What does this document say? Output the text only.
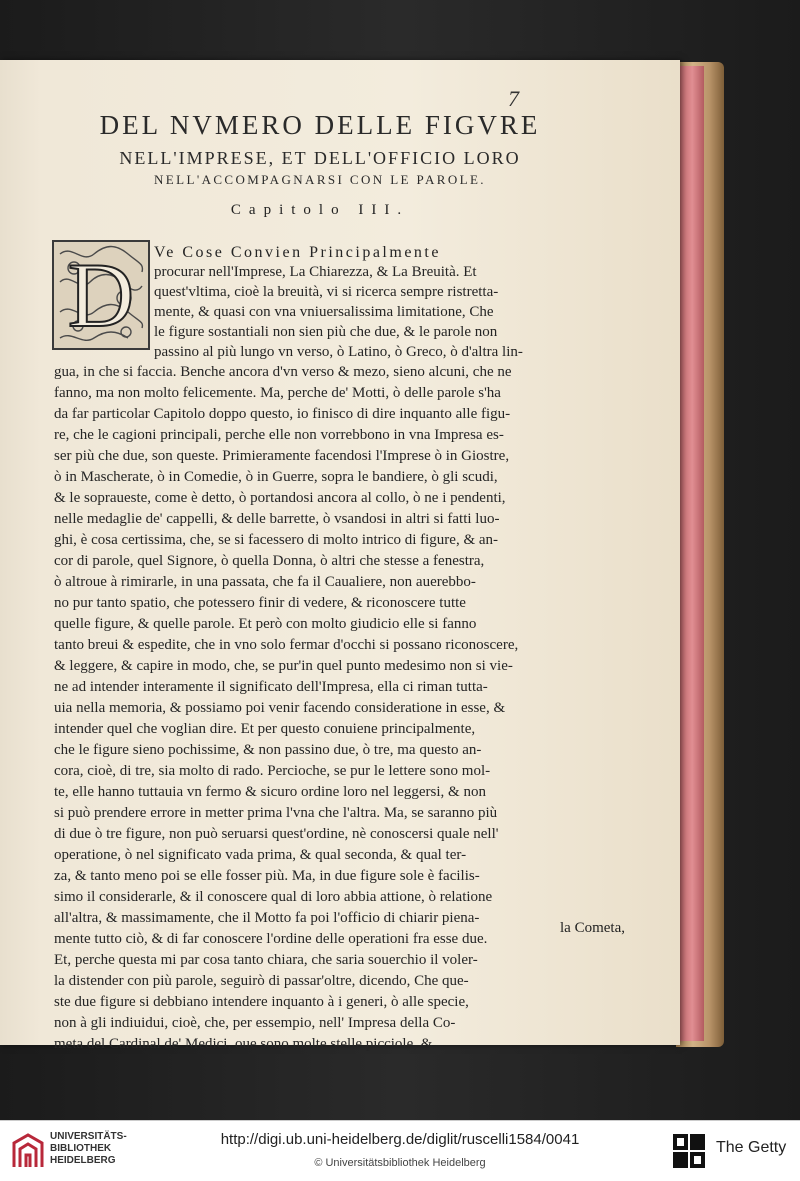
7
DEL NVMERO DELLE FIGVRE
NELL'IMPRESE, ET DELL'OFFICIO LORO
NELL'ACCOMPAGNARSI CON LE PAROLE.
Capitolo III.
D	Ve Cose Convien Principalmente
procurar nell'Imprese, La Chiarezza, & La Breuità. Et
quest'vltima, cioè la breuità, vi si ricerca sempre ristretta-
mente, & quasi con vna vniuersalissima limitatione, Che
le figure sostantiali non sien più che due, & le parole non
passino al più lungo vn verso, ò Latino, ò Greco, ò d'altra lin-
gua, in che si faccia. Benche ancora d'vn verso & mezo, sieno alcuni, che ne
fanno, ma non molto felicemente. Ma, perche de' Motti, ò delle parole s'ha
da far particolar Capitolo doppo questo, io finisco di dire inquanto alle figu-
re, che le cagioni principali, perche elle non vorrebbono in vna Impresa es-
ser più che due, son queste. Primieramente facendosi l'Imprese ò in Giostre,
ò in Mascherate, ò in Comedie, ò in Guerre, sopra le bandiere, ò gli scudi,
& le sopraueste, come è detto, ò portandosi ancora al collo, ò ne i pendenti,
nelle medaglie de' cappelli, & delle barrette, ò vsandosi in altri si fatti luo-
ghi, è cosa certissima, che, se si facessero di molto intrico di figure, & an-
cor di parole, quel Signore, ò quella Donna, ò altri che stesse a fenestra,
ò altroue à rimirarle, in una passata, che fa il Caualiere, non auerebbo-
no pur tanto spatio, che potessero finir di vedere, & riconoscere tutte
quelle figure, & quelle parole. Et però con molto giudicio elle si fanno
tanto breui & espedite, che in vno solo fermar d'occhi si possano riconoscere,
& leggere, & capire in modo, che, se pur'in quel punto medesimo non si vie-
ne ad intender interamente il significato dell'Impresa, ella ci riman tutta-
uia nella memoria, & possiamo poi venir facendo consideratione in esse, &
intender quel che voglian dire. Et per questo conuiene principalmente,
che le figure sieno pochissime, & non passino due, ò tre, ma questo an-
cora, cioè, di tre, sia molto di rado. Percioche, se pur le lettere sono mol-
te, elle hanno tuttauia vn fermo & sicuro ordine loro nel leggersi, & non
si può prendere errore in metter prima l'vna che l'altra. Ma, se saranno più
di due ò tre figure, non può seruarsi quest'ordine, nè conoscersi quale nell'
operatione, ò nel significato vada prima, & qual seconda, & qual ter-
za, & tanto meno poi se elle fosser più. Ma, in due figure sole è facilis-
simo il considerarle, & il conoscere qual di loro abbia attione, ò relatione
all'altra, & massimamente, che il Motto fa poi l'officio di chiarir piena-
mente tutto ciò, & di far conoscere l'ordine delle operationi fra esse due.
Et, perche questa mi par cosa tanto chiara, che saria souerchio il voler-
la distender con più parole, seguirò di passar'oltre, dicendo, Che que-
ste due figure si debbiano intendere inquanto à i generi, ò alle specie,
non à gli indiuidui, cioè, che, per essempio, nell' Impresa della Co-
meta del Cardinal de' Medici, oue sono molte stelle picciole, &
la Cometa,
UNIVERSITÄTS-
BIBLIOTHEK
HEIDELBERG
http://digi.ub.uni-heidelberg.de/diglit/ruscelli1584/0041
© Universitätsbibliothek Heidelberg
The Getty
